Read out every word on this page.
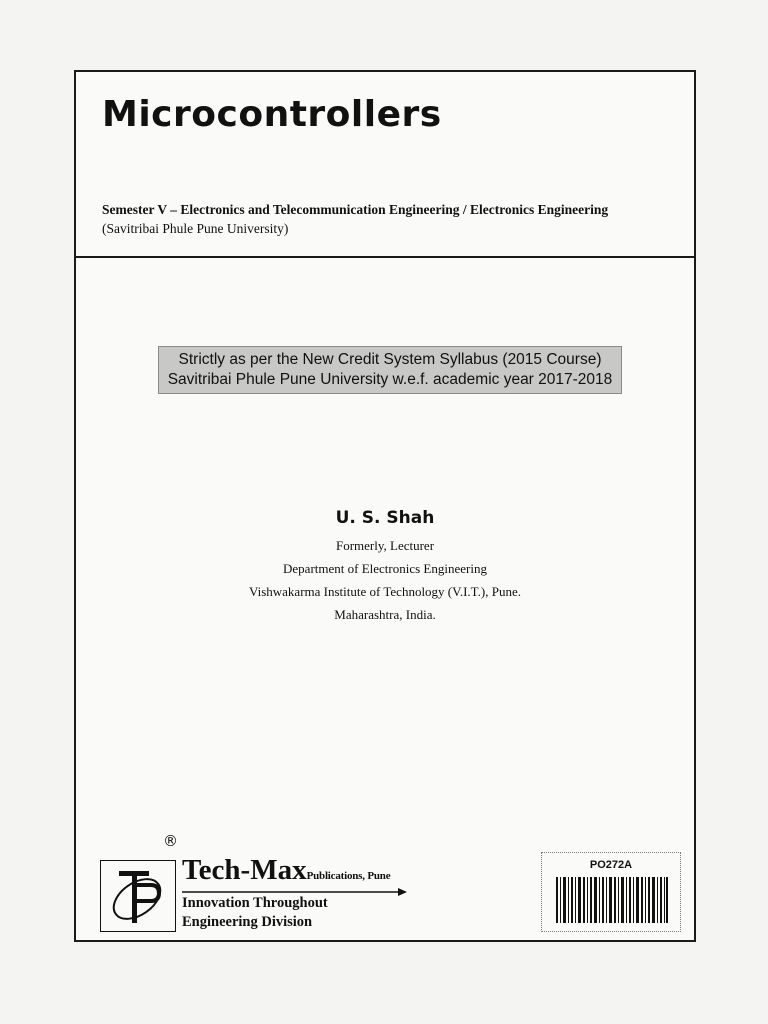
Microcontrollers
Semester V – Electronics and Telecommunication Engineering / Electronics Engineering
(Savitribai Phule Pune University)
Strictly as per the New Credit System Syllabus (2015 Course)
Savitribai Phule Pune University w.e.f. academic year 2017-2018
U. S. Shah
Formerly, Lecturer
Department of Electronics Engineering
Vishwakarma Institute of Technology (V.I.T.), Pune.
Maharashtra, India.
®
Tech-MaxPublications, Pune
Innovation Throughout
Engineering Division
PO272A
